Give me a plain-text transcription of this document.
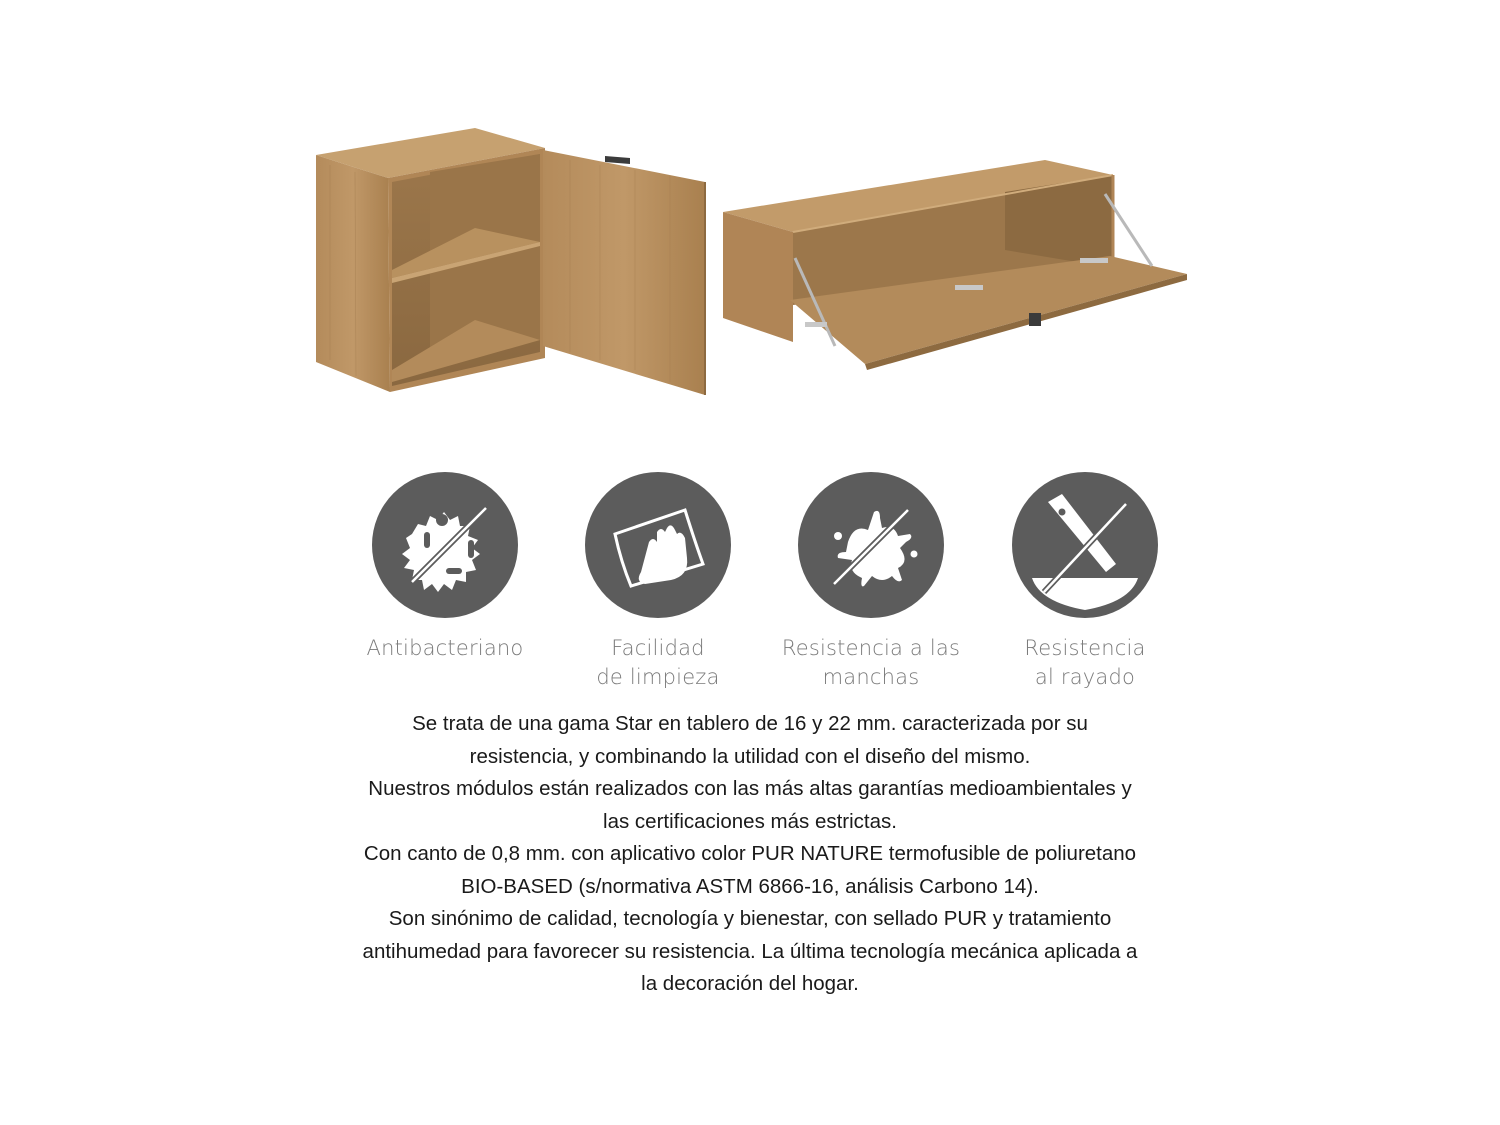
Antibacteriano	Facilidad
de limpieza
Resistencia a las
manchas
Resistencia
al rayado

Se trata de una gama Star en tablero de 16 y 22 mm. caracterizada por su

resistencia, y combinando la utilidad con el diseño del mismo.

Nuestros módulos están realizados con las más altas garantías medioambientales y

las certificaciones más estrictas.

Con canto de 0,8 mm. con aplicativo color PUR NATURE termofusible de poliuretano

BIO-BASED (s/normativa ASTM 6866-16, análisis Carbono 14).

Son sinónimo de calidad, tecnología y bienestar, con sellado PUR y tratamiento

antihumedad para favorecer su resistencia. La última tecnología mecánica aplicada a

la decoración del hogar.
